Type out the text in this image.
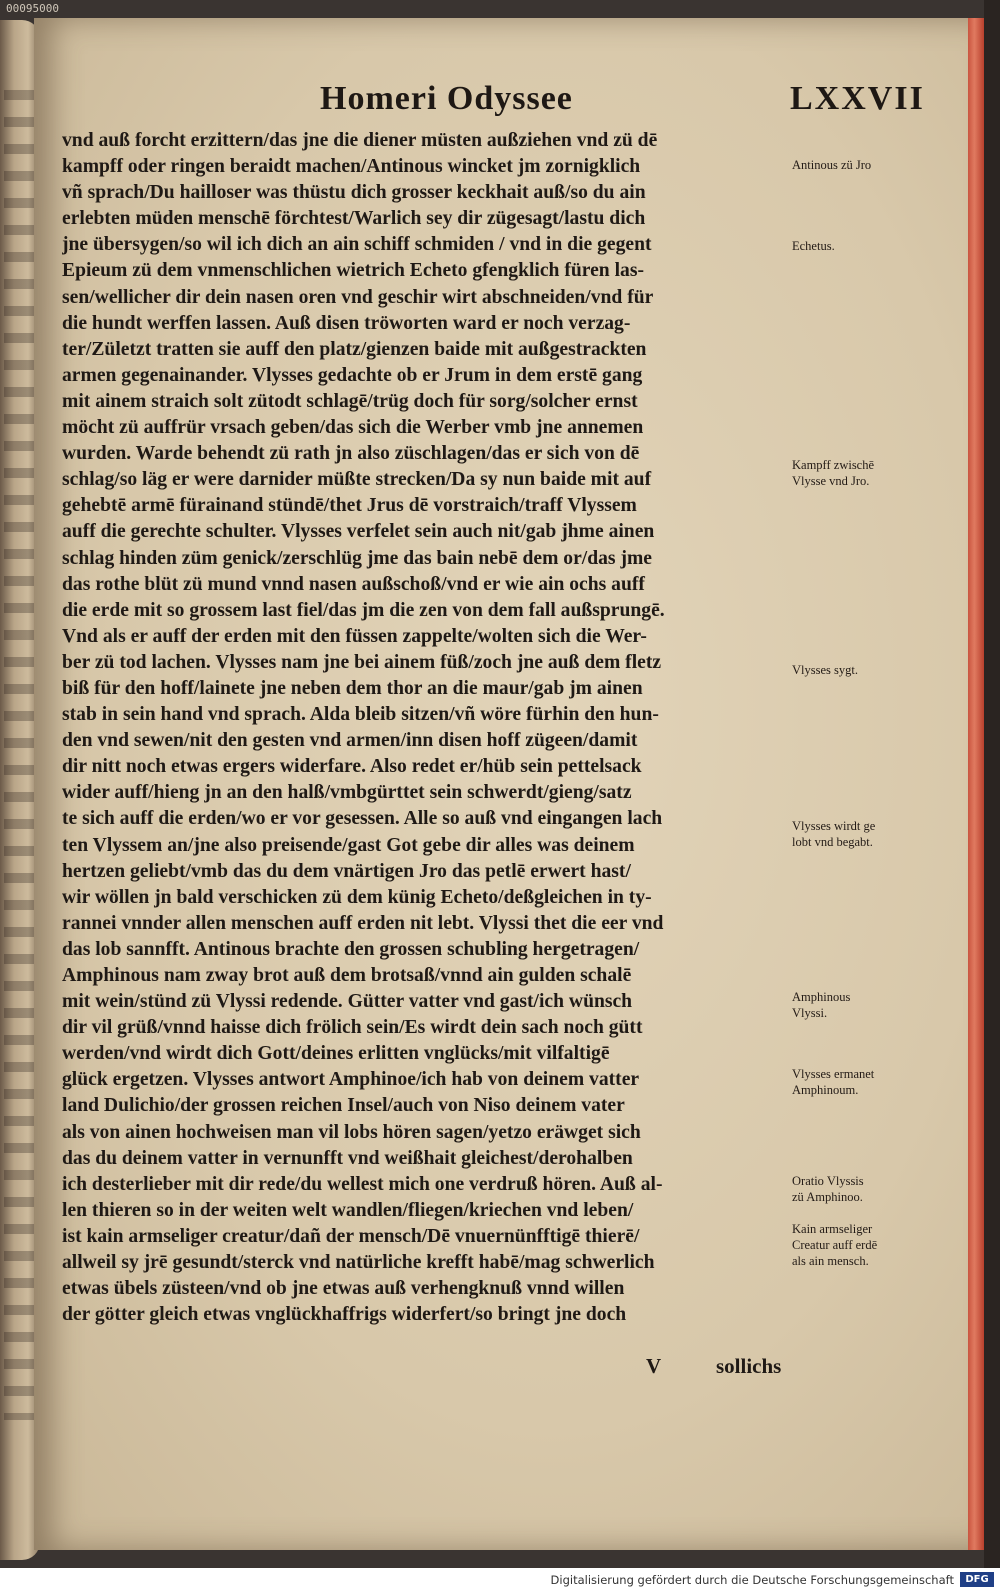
00095000
Homeri Odyssee	LXXVII
vnd auß forcht erzittern/das jne die diener müsten außziehen vnd zü dē
kampff oder ringen beraidt machen/Antinous wincket jm zornigklich
vñ sprach/Du hailloser was thüstu dich grosser keckhait auß/so du ain
erlebten müden menschē förchtest/Warlich sey dir zügesagt/lastu dich
jne übersygen/so wil ich dich an ain schiff schmiden / vnd in die gegent
Epieum zü dem vnmenschlichen wietrich Echeto gfengklich füren las-
sen/wellicher dir dein nasen oren vnd geschir wirt abschneiden/vnd für
die hundt werffen lassen. Auß disen tröworten ward er noch verzag-
ter/Zületzt tratten sie auff den platz/gienzen baide mit außgestrackten
armen gegenainander. Vlysses gedachte ob er Jrum in dem erstē gang
mit ainem straich solt zütodt schlagē/trüg doch für sorg/solcher ernst
möcht zü auffrür vrsach geben/das sich die Werber vmb jne annemen
wurden. Warde behendt zü rath jn also züschlagen/das er sich von dē
schlag/so läg er were darnider müßte strecken/Da sy nun baide mit auf
gehebtē armē fürainand stündē/thet Jrus dē vorstraich/traff Vlyssem
auff die gerechte schulter. Vlysses verfelet sein auch nit/gab jhme ainen
schlag hinden züm genick/zerschlüg jme das bain nebē dem or/das jme
das rothe blüt zü mund vnnd nasen außschoß/vnd er wie ain ochs auff
die erde mit so grossem last fiel/das jm die zen von dem fall außsprungē.
Vnd als er auff der erden mit den füssen zappelte/wolten sich die Wer-
ber zü tod lachen. Vlysses nam jne bei ainem füß/zoch jne auß dem fletz
biß für den hoff/lainete jne neben dem thor an die maur/gab jm ainen
stab in sein hand vnd sprach. Alda bleib sitzen/vñ wöre fürhin den hun-
den vnd sewen/nit den gesten vnd armen/inn disen hoff zügeen/damit
dir nitt noch etwas ergers widerfare. Also redet er/hüb sein pettelsack
wider auff/hieng jn an den halß/vmbgürttet sein schwerdt/gieng/satz
te sich auff die erden/wo er vor gesessen. Alle so auß vnd eingangen lach
ten Vlyssem an/jne also preisende/gast Got gebe dir alles was deinem
hertzen geliebt/vmb das du dem vnärtigen Jro das petlē erwert hast/
wir wöllen jn bald verschicken zü dem künig Echeto/deßgleichen in ty-
rannei vnnder allen menschen auff erden nit lebt. Vlyssi thet die eer vnd
das lob sannfft. Antinous brachte den grossen schubling hergetragen/
Amphinous nam zway brot auß dem brotsaß/vnnd ain gulden schalē
mit wein/stünd zü Vlyssi redende. Gütter vatter vnd gast/ich wünsch
dir vil grüß/vnnd haisse dich frölich sein/Es wirdt dein sach noch gütt
werden/vnd wirdt dich Gott/deines erlitten vnglücks/mit vilfaltigē
glück ergetzen. Vlysses antwort Amphinoe/ich hab von deinem vatter
land Dulichio/der grossen reichen Insel/auch von Niso deinem vater
als von ainen hochweisen man vil lobs hören sagen/yetzo eräwget sich
das du deinem vatter in vernunfft vnd weißhait gleichest/derohalben
ich desterlieber mit dir rede/du wellest mich one verdruß hören. Auß al-
len thieren so in der weiten welt wandlen/fliegen/kriechen vnd leben/
ist kain armseliger creatur/dañ der mensch/Dē vnuernünfftigē thierē/
allweil sy jrē gesundt/sterck vnd natürliche krefft habē/mag schwerlich
etwas übels züsteen/vnd ob jne etwas auß verhengknuß vnnd willen
der götter gleich etwas vnglückhaffrigs widerfert/so bringt jne doch
V	sollichs
Antinous zü Jro
Echetus.
Kampff zwischē
Vlysse vnd Jro.
Vlysses sygt.
Vlysses wirdt ge
lobt vnd begabt.
Amphinous
Vlyssi.
Vlysses ermanet
Amphinoum.
Oratio Vlyssis
zü Amphinoo.
Kain armseliger
Creatur auff erdē
als ain mensch.
Digitalisierung gefördert durch die Deutsche Forschungsgemeinschaft	DFG
